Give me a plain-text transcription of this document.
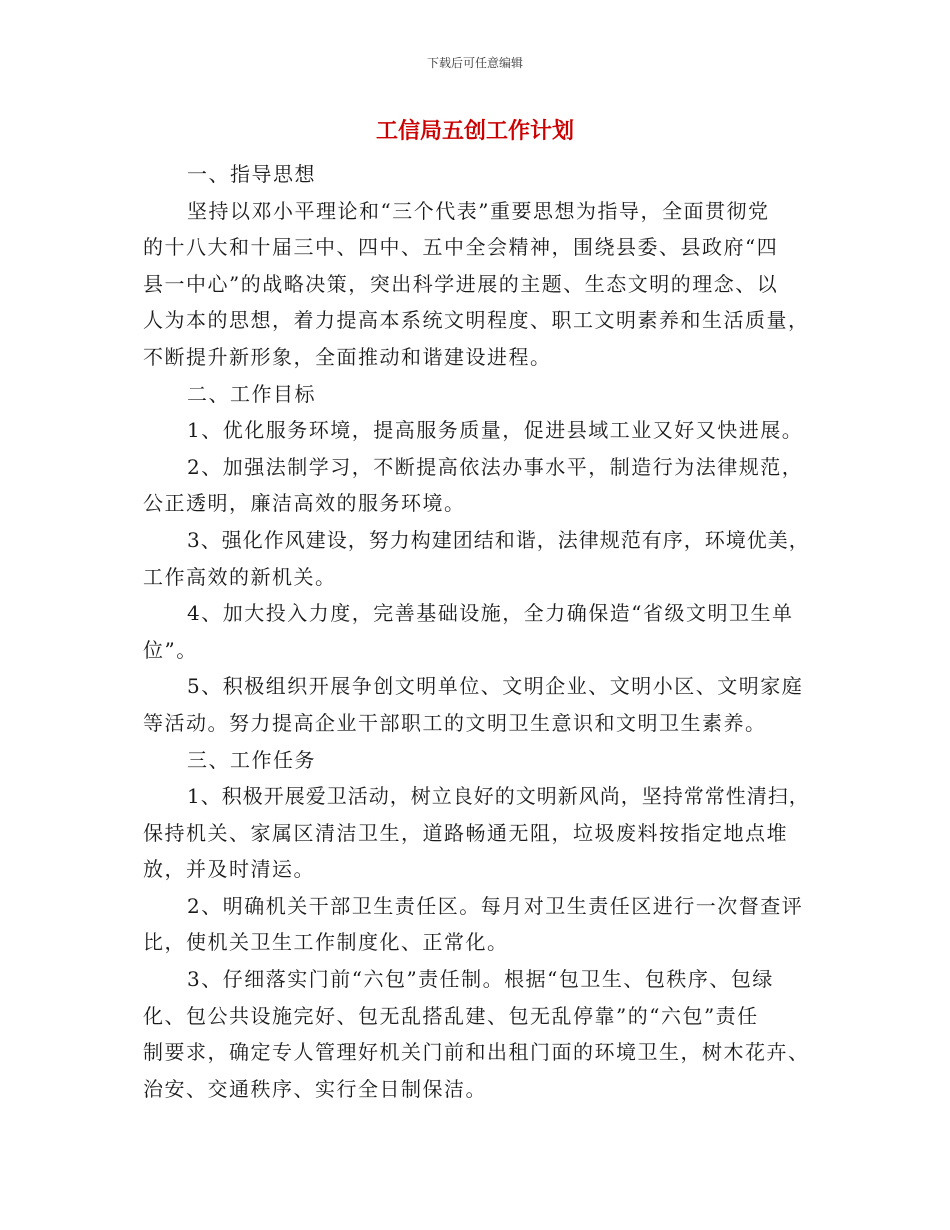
下载后可任意编辑
工信局五创工作计划
一、指导思想
坚持以邓小平理论和“三个代表”重要思想为指导，全面贯彻党
的十八大和十届三中、四中、五中全会精神，围绕县委、县政府“四
县一中心”的战略决策，突出科学进展的主题、生态文明的理念、以
人为本的思想，着力提高本系统文明程度、职工文明素养和生活质量，
不断提升新形象，全面推动和谐建设进程。
二、工作目标
1、优化服务环境，提高服务质量，促进县域工业又好又快进展。
2、加强法制学习，不断提高依法办事水平，制造行为法律规范，
公正透明，廉洁高效的服务环境。
3、强化作风建设，努力构建团结和谐，法律规范有序，环境优美，
工作高效的新机关。
4、加大投入力度，完善基础设施，全力确保造“省级文明卫生单
位”。
5、积极组织开展争创文明单位、文明企业、文明小区、文明家庭
等活动。努力提高企业干部职工的文明卫生意识和文明卫生素养。
三、工作任务
1、积极开展爱卫活动，树立良好的文明新风尚，坚持常常性清扫，
保持机关、家属区清洁卫生，道路畅通无阻，垃圾废料按指定地点堆
放，并及时清运。
2、明确机关干部卫生责任区。每月对卫生责任区进行一次督查评
比，使机关卫生工作制度化、正常化。
3、仔细落实门前“六包”责任制。根据“包卫生、包秩序、包绿
化、包公共设施完好、包无乱搭乱建、包无乱停靠”的“六包”责任
制要求，确定专人管理好机关门前和出租门面的环境卫生，树木花卉、
治安、交通秩序、实行全日制保洁。
